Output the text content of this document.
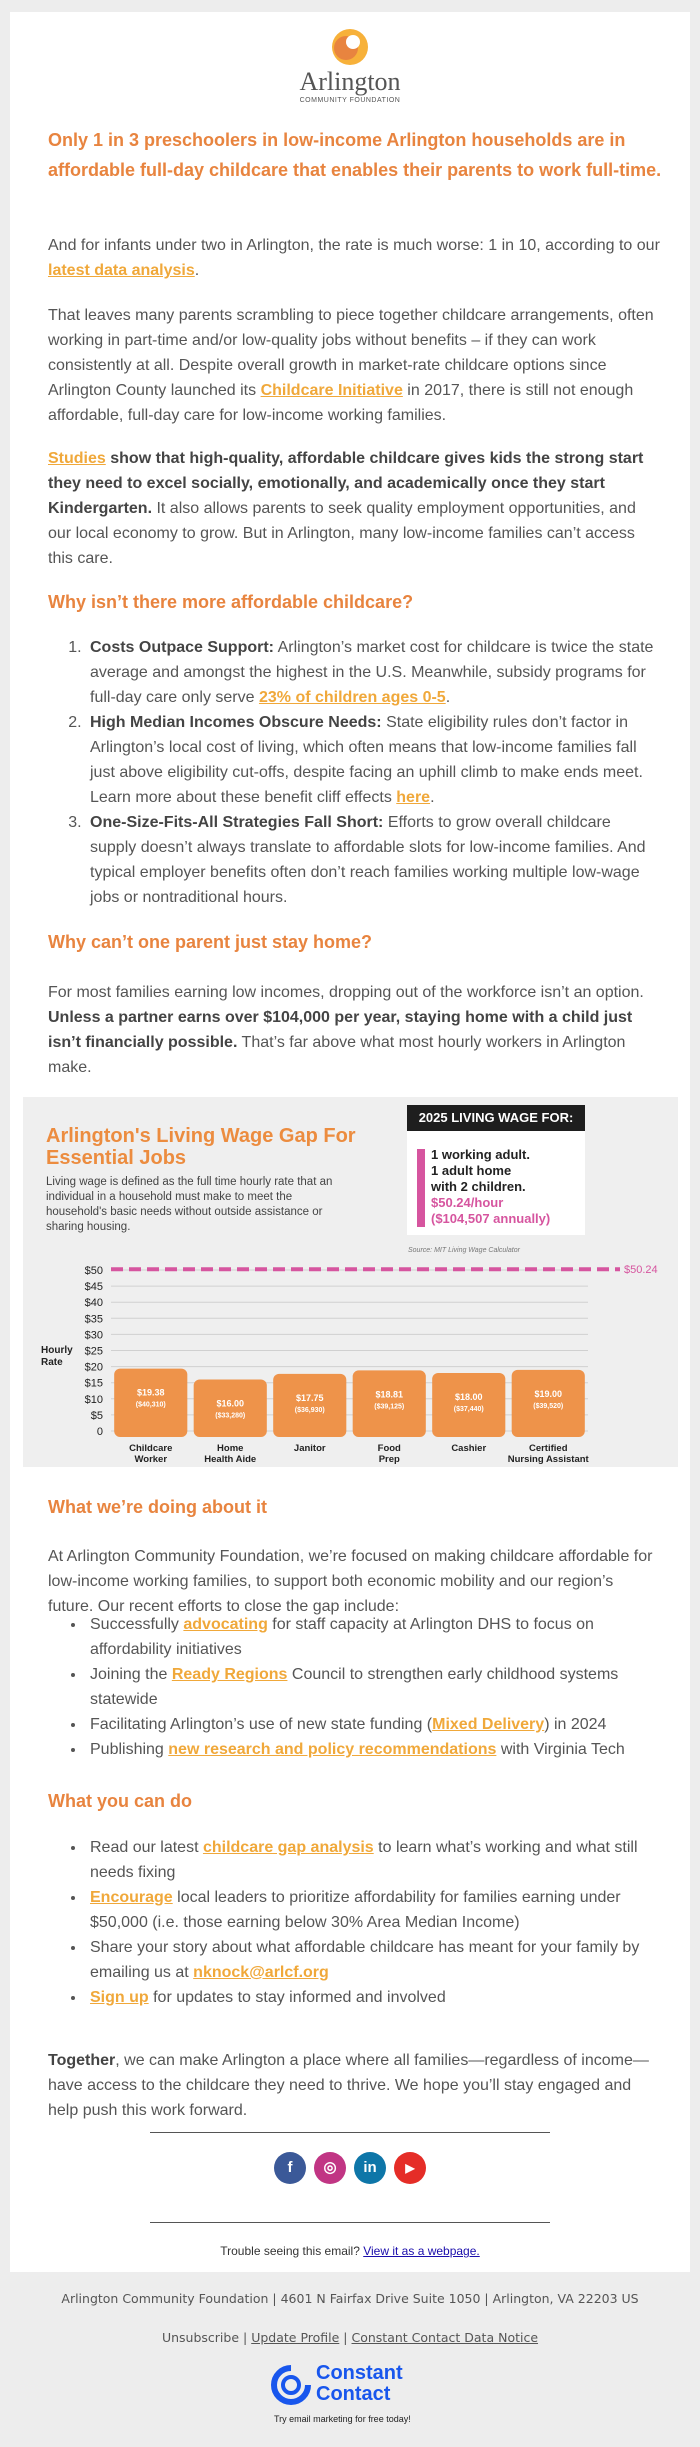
Arlington
COMMUNITY FOUNDATION
Only 1 in 3 preschoolers in low-income Arlington households are in affordable full-day childcare that enables their parents to work full-time.

And for infants under two in Arlington, the rate is much worse: 1 in 10, according to our latest data analysis.

That leaves many parents scrambling to piece together childcare arrangements, often working in part-time and/or low-quality jobs without benefits – if they can work consistently at all. Despite overall growth in market-rate childcare options since Arlington County launched its Childcare Initiative in 2017, there is still not enough affordable, full-day care for low-income working families.

Studies show that high-quality, affordable childcare gives kids the strong start they need to excel socially, emotionally, and academically once they start Kindergarten. It also allows parents to seek quality employment opportunities, and our local economy to grow. But in Arlington, many low-income families can’t access this care.

Why isn’t there more affordable childcare?
1. Costs Outpace Support: Arlington’s market cost for childcare is twice the state average and amongst the highest in the U.S. Meanwhile, subsidy programs for full-day care only serve 23% of children ages 0-5.
2. High Median Incomes Obscure Needs: State eligibility rules don’t factor in Arlington’s local cost of living, which often means that low-income families fall just above eligibility cut-offs, despite facing an uphill climb to make ends meet. Learn more about these benefit cliff effects here.
3. One-Size-Fits-All Strategies Fall Short: Efforts to grow overall childcare supply doesn’t always translate to affordable slots for low-income families. And typical employer benefits often don’t reach families working multiple low-wage jobs or nontraditional hours.
Why can’t one parent just stay home?

For most families earning low incomes, dropping out of the workforce isn’t an option. Unless a partner earns over $104,000 per year, staying home with a child just isn’t financially possible. That’s far above what most hourly workers in Arlington make.

Arlington's Living Wage Gap For Essential Jobs

Living wage is defined as the full time hourly rate that an individual in a household must make to meet the household's basic needs without outside assistance or sharing housing.

2025 LIVING WAGE FOR:
1 working adult.
1 adult home
with 2 children.
$50.24/hour
($104,507 annually)
Source: MIT Living Wage Calculator
$50
$45
$40
$35
$30
$25
$20
$15
$10
$5
0
Hourly
Rate
$19.38
($40,310)
Childcare
Worker
$16.00
($33,280)
Home
Health Aide
$17.75
($36,930)
Janitor
$18.81
($39,125)
Food
Prep
$18.00
($37,440)
Cashier
$19.00
($39,520)
Certified
Nursing Assistant
$50.24
What we’re doing about it

At Arlington Community Foundation, we’re focused on making childcare affordable for low-income working families, to support both economic mobility and our region’s future. Our recent efforts to close the gap include:

• Successfully advocating for staff capacity at Arlington DHS to focus on affordability initiatives
• Joining the Ready Regions Council to strengthen early childhood systems statewide
• Facilitating Arlington’s use of new state funding (Mixed Delivery) in 2024
• Publishing new research and policy recommendations with Virginia Tech
What you can do
• Read our latest childcare gap analysis to learn what’s working and what still needs fixing
• Encourage local leaders to prioritize affordability for families earning under $50,000 (i.e. those earning below 30% Area Median Income)
• Share your story about what affordable childcare has meant for your family by emailing us at nknock@arlcf.org
• Sign up for updates to stay informed and involved

Together, we can make Arlington a place where all families—regardless of income—have access to the childcare they need to thrive. We hope you’ll stay engaged and help push this work forward.

f	◎	in	▶
Trouble seeing this email? View it as a webpage.
Arlington Community Foundation | 4601 N Fairfax Drive Suite 1050 | Arlington, VA 22203 US
Unsubscribe | Update Profile | Constant Contact Data Notice
Constant
Contact
Try email marketing for free today!
